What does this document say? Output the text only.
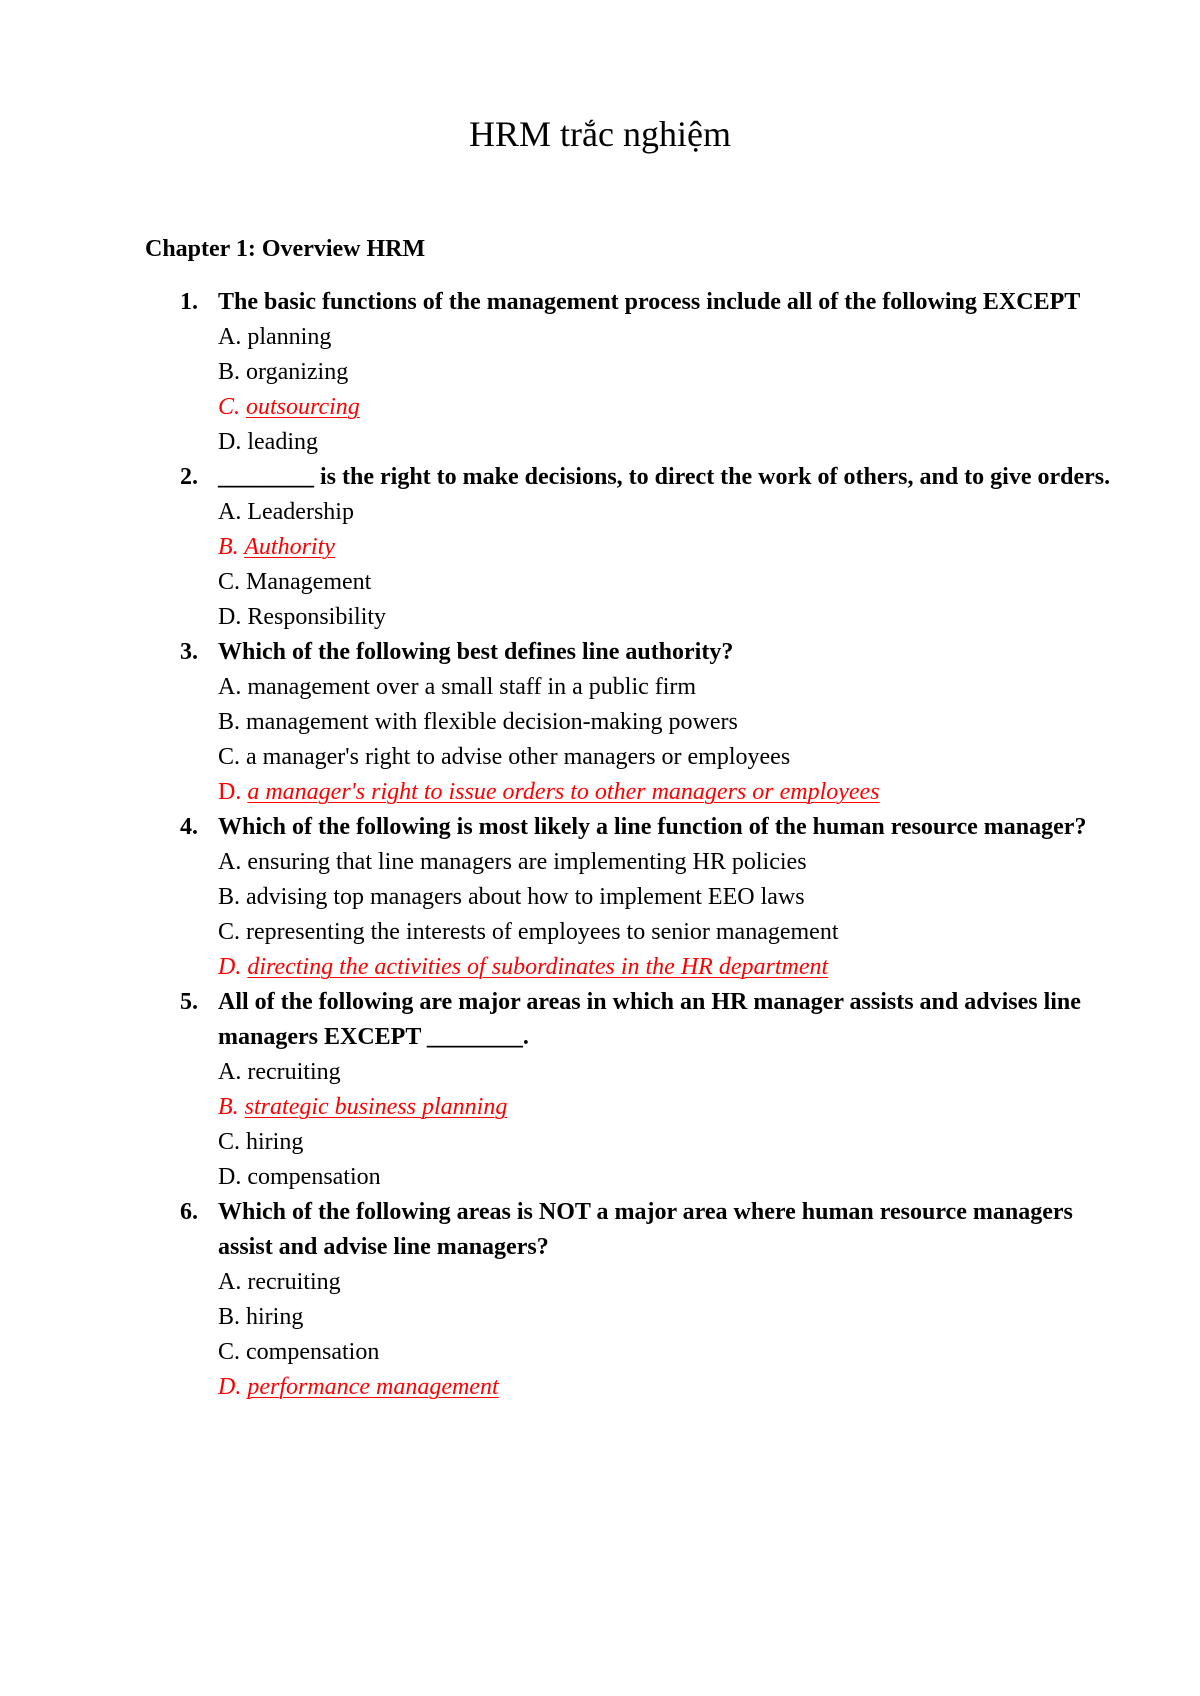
HRM trắc nghiệm
Chapter 1: Overview HRM
1. The basic functions of the management process include all of the following EXCEPT

A. planning

B. organizing

C. outsourcing

D. leading

2. ________ is the right to make decisions, to direct the work of others, and to give orders.

A. Leadership

B. Authority

C. Management

D. Responsibility

3. Which of the following best defines line authority?

A. management over a small staff in a public firm

B. management with flexible decision-making powers

C. a manager's right to advise other managers or employees

D. a manager's right to issue orders to other managers or employees

4. Which of the following is most likely a line function of the human resource manager?

A. ensuring that line managers are implementing HR policies

B. advising top managers about how to implement EEO laws

C. representing the interests of employees to senior management

D. directing the activities of subordinates in the HR department

5. All of the following are major areas in which an HR manager assists and advises line managers EXCEPT ________.

A. recruiting

B. strategic business planning

C. hiring

D. compensation

6. Which of the following areas is NOT a major area where human resource managers assist and advise line managers?

A. recruiting

B. hiring

C. compensation

D. performance management
